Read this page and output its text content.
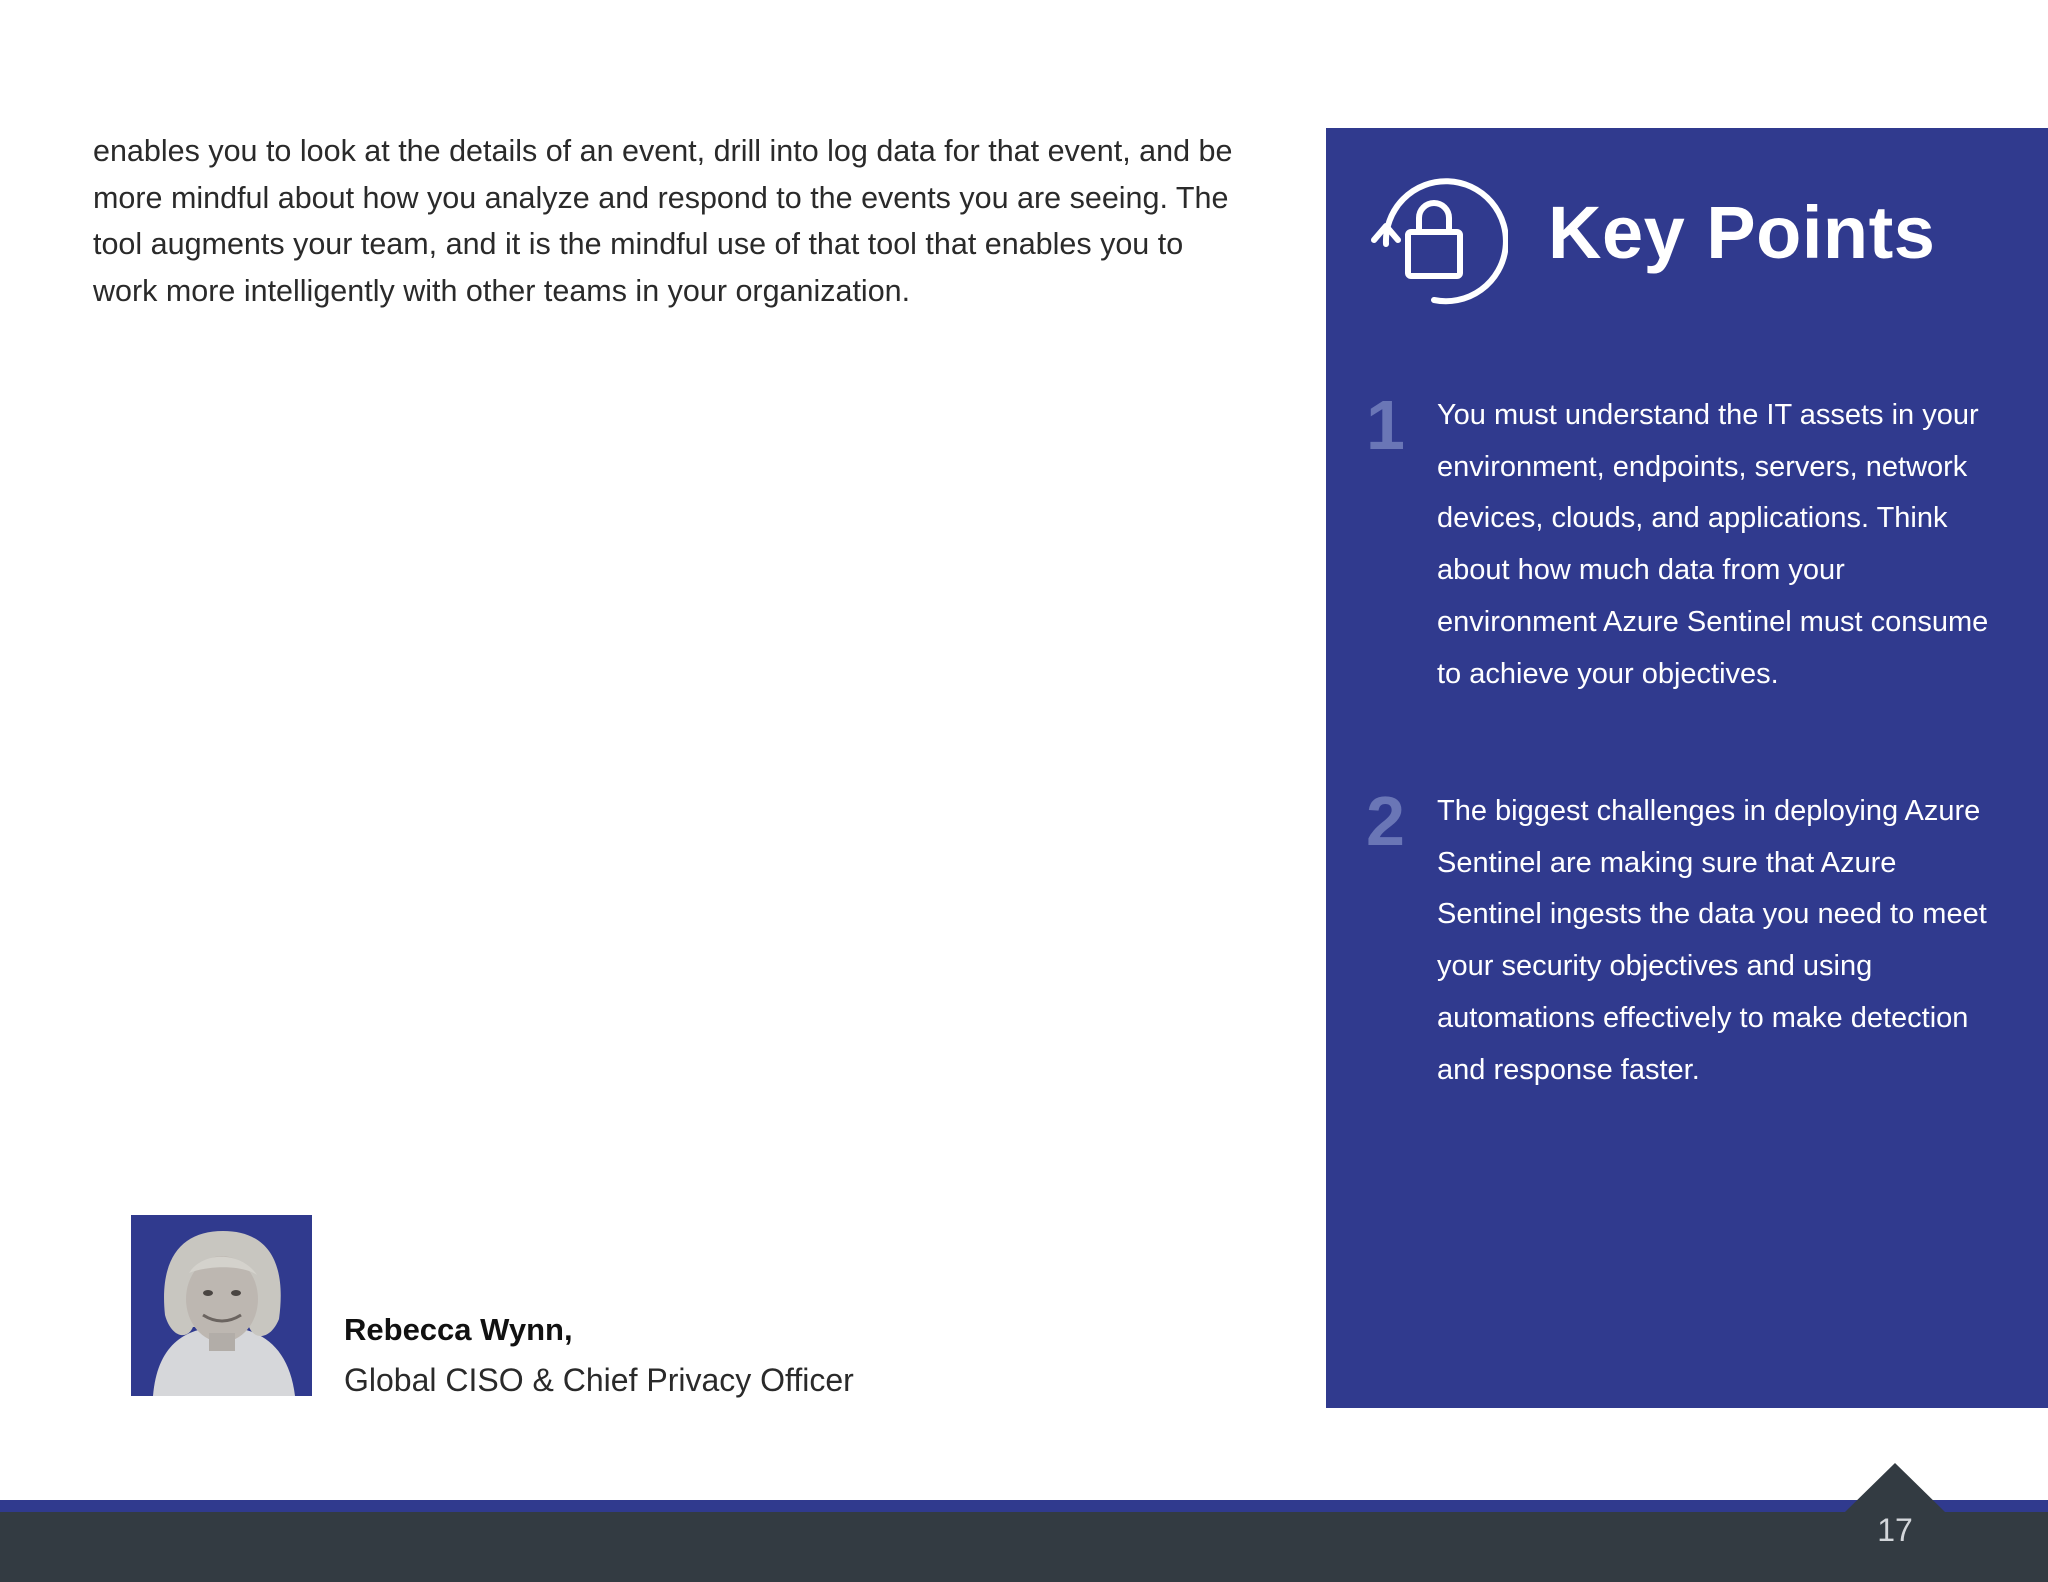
enables you to look at the details of an event, drill into log data for that event, and be more mindful about how you analyze and respond to the events you are seeing. The tool augments your team, and it is the mindful use of that tool that enables you to work more intelligently with other teams in your organization.

Key Points
1 You must understand the IT assets in your environment, endpoints, servers, network devices, clouds, and applications. Think about how much data from your environment Azure Sentinel must consume to achieve your objectives.

2 The biggest challenges in deploying Azure Sentinel are making sure that Azure Sentinel ingests the data you need to meet your security objectives and using automations effectively to make detection and response faster.

Rebecca Wynn,
Global CISO & Chief Privacy Officer
17
